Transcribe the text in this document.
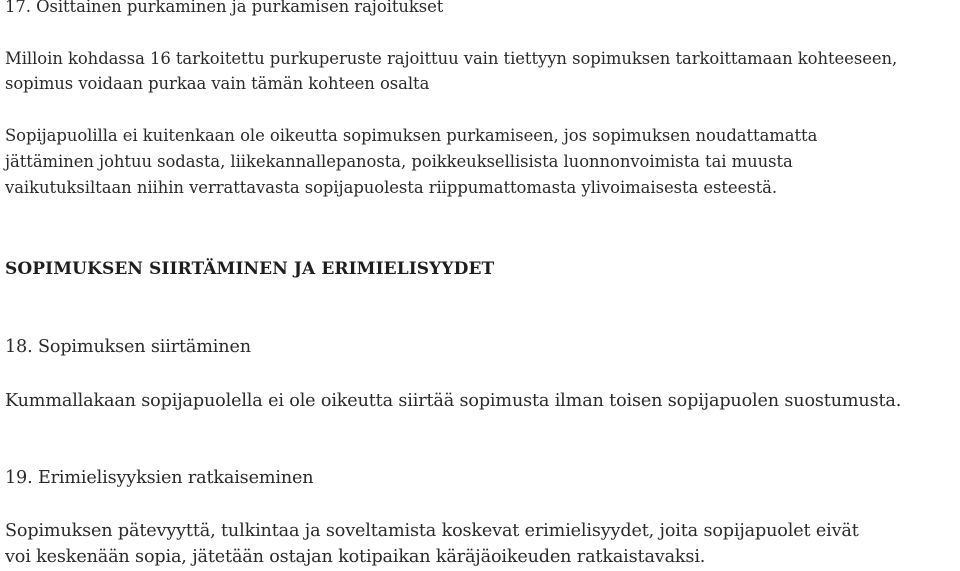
17. Osittainen purkaminen ja purkamisen rajoitukset
Milloin kohdassa 16 tarkoitettu purkuperuste rajoittuu vain tiettyyn sopimuksen tarkoittamaan kohteeseen,
sopimus voidaan purkaa vain tämän kohteen osalta
Sopijapuolilla ei kuitenkaan ole oikeutta sopimuksen purkamiseen, jos sopimuksen noudattamatta
jättäminen johtuu sodasta, liikekannallepanosta, poikkeuksellisista luonnonvoimista tai muusta
vaikutuksiltaan niihin verrattavasta sopijapuolesta riippumattomasta ylivoimaisesta esteestä.
SOPIMUKSEN SIIRTÄMINEN JA ERIMIELISYYDET
18. Sopimuksen siirtäminen
Kummallakaan sopijapuolella ei ole oikeutta siirtää sopimusta ilman toisen sopijapuolen suostumusta.
19. Erimielisyyksien ratkaiseminen
Sopimuksen pätevyyttä, tulkintaa ja soveltamista koskevat erimielisyydet, joita sopijapuolet eivät
voi keskenään sopia, jätetään ostajan kotipaikan käräjäoikeuden ratkaistavaksi.
